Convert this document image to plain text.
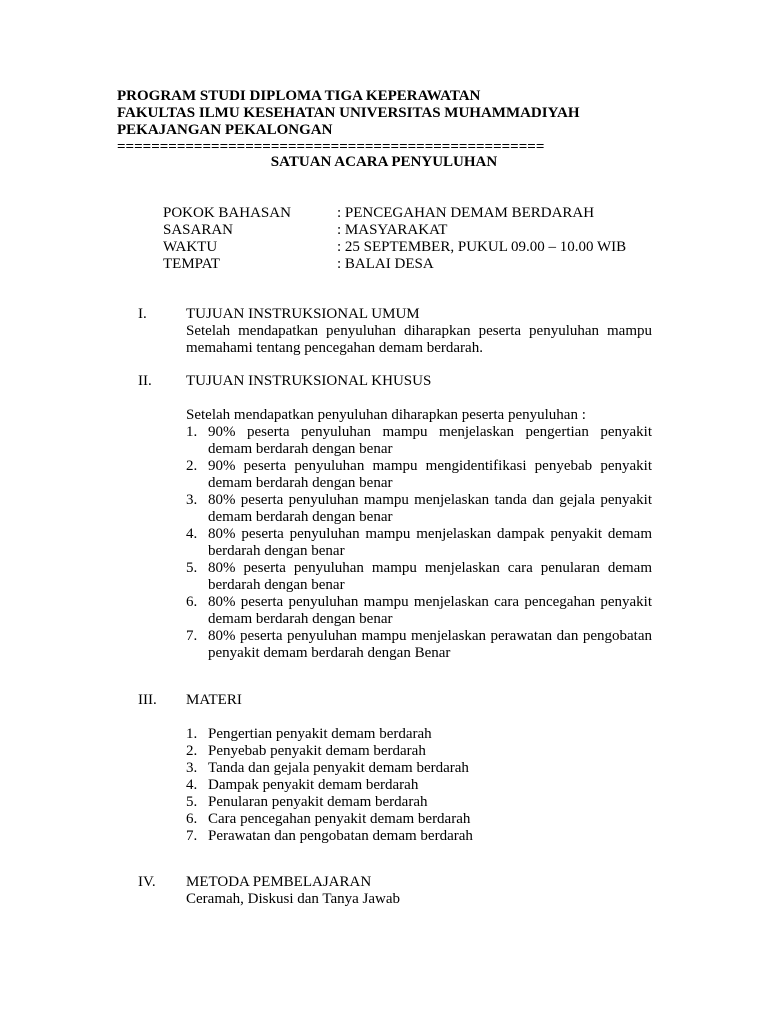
PROGRAM STUDI DIPLOMA TIGA KEPERAWATAN
FAKULTAS ILMU KESEHATAN UNIVERSITAS MUHAMMADIYAH
PEKAJANGAN PEKALONGAN
==================================================
SATUAN ACARA PENYULUHAN
POKOK BAHASAN	: PENCEGAHAN DEMAM BERDARAH
SASARAN	: MASYARAKAT
WAKTU	: 25 SEPTEMBER, PUKUL 09.00 – 10.00 WIB
TEMPAT	: BALAI DESA
I.	TUJUAN INSTRUKSIONAL UMUM
Setelah mendapatkan penyuluhan diharapkan peserta penyuluhan mampu memahami tentang pencegahan demam berdarah.
II.	TUJUAN INSTRUKSIONAL KHUSUS
Setelah mendapatkan penyuluhan diharapkan peserta penyuluhan :
1. 90% peserta penyuluhan mampu menjelaskan pengertian penyakit demam berdarah dengan benar
2. 90% peserta penyuluhan mampu mengidentifikasi penyebab penyakit demam berdarah dengan benar
3. 80% peserta penyuluhan mampu menjelaskan tanda dan gejala penyakit demam berdarah dengan benar
4. 80% peserta penyuluhan mampu menjelaskan dampak penyakit demam berdarah dengan benar
5. 80% peserta penyuluhan mampu menjelaskan cara penularan demam berdarah dengan benar
6. 80% peserta penyuluhan mampu menjelaskan cara pencegahan penyakit demam berdarah dengan benar
7. 80% peserta penyuluhan mampu menjelaskan perawatan dan pengobatan penyakit demam berdarah dengan Benar
III.	MATERI
1. Pengertian penyakit demam berdarah
2. Penyebab penyakit demam berdarah
3. Tanda dan gejala penyakit demam berdarah
4. Dampak penyakit demam berdarah
5. Penularan penyakit demam berdarah
6. Cara pencegahan penyakit demam berdarah
7. Perawatan dan pengobatan demam berdarah
IV.	METODA PEMBELAJARAN
Ceramah, Diskusi dan Tanya Jawab
